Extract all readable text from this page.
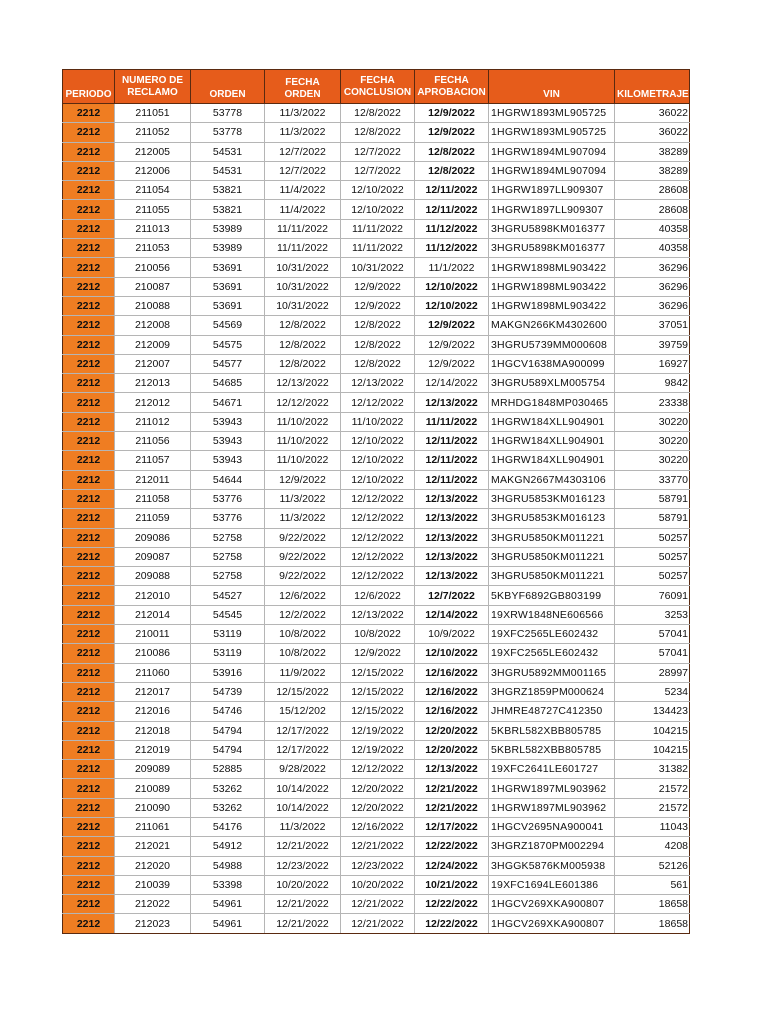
PERIODO	NUMERO DE RECLAMO	ORDEN	FECHA ORDEN	FECHA CONCLUSION	FECHA APROBACION	VIN	KILOMETRAJE
2212	211051	53778	11/3/2022	12/8/2022	12/9/2022	1HGRW1893ML905725	36022
2212	211052	53778	11/3/2022	12/8/2022	12/9/2022	1HGRW1893ML905725	36022
2212	212005	54531	12/7/2022	12/7/2022	12/8/2022	1HGRW1894ML907094	38289
2212	212006	54531	12/7/2022	12/7/2022	12/8/2022	1HGRW1894ML907094	38289
2212	211054	53821	11/4/2022	12/10/2022	12/11/2022	1HGRW1897LL909307	28608
2212	211055	53821	11/4/2022	12/10/2022	12/11/2022	1HGRW1897LL909307	28608
2212	211013	53989	11/11/2022	11/11/2022	11/12/2022	3HGRU5898KM016377	40358
2212	211053	53989	11/11/2022	11/11/2022	11/12/2022	3HGRU5898KM016377	40358
2212	210056	53691	10/31/2022	10/31/2022	11/1/2022	1HGRW1898ML903422	36296
2212	210087	53691	10/31/2022	12/9/2022	12/10/2022	1HGRW1898ML903422	36296
2212	210088	53691	10/31/2022	12/9/2022	12/10/2022	1HGRW1898ML903422	36296
2212	212008	54569	12/8/2022	12/8/2022	12/9/2022	MAKGN266KM4302600	37051
2212	212009	54575	12/8/2022	12/8/2022	12/9/2022	3HGRU5739MM000608	39759
2212	212007	54577	12/8/2022	12/8/2022	12/9/2022	1HGCV1638MA900099	16927
2212	212013	54685	12/13/2022	12/13/2022	12/14/2022	3HGRU589XLM005754	9842
2212	212012	54671	12/12/2022	12/12/2022	12/13/2022	MRHDG1848MP030465	23338
2212	211012	53943	11/10/2022	11/10/2022	11/11/2022	1HGRW184XLL904901	30220
2212	211056	53943	11/10/2022	12/10/2022	12/11/2022	1HGRW184XLL904901	30220
2212	211057	53943	11/10/2022	12/10/2022	12/11/2022	1HGRW184XLL904901	30220
2212	212011	54644	12/9/2022	12/10/2022	12/11/2022	MAKGN2667M4303106	33770
2212	211058	53776	11/3/2022	12/12/2022	12/13/2022	3HGRU5853KM016123	58791
2212	211059	53776	11/3/2022	12/12/2022	12/13/2022	3HGRU5853KM016123	58791
2212	209086	52758	9/22/2022	12/12/2022	12/13/2022	3HGRU5850KM011221	50257
2212	209087	52758	9/22/2022	12/12/2022	12/13/2022	3HGRU5850KM011221	50257
2212	209088	52758	9/22/2022	12/12/2022	12/13/2022	3HGRU5850KM011221	50257
2212	212010	54527	12/6/2022	12/6/2022	12/7/2022	5KBYF6892GB803199	76091
2212	212014	54545	12/2/2022	12/13/2022	12/14/2022	19XRW1848NE606566	3253
2212	210011	53119	10/8/2022	10/8/2022	10/9/2022	19XFC2565LE602432	57041
2212	210086	53119	10/8/2022	12/9/2022	12/10/2022	19XFC2565LE602432	57041
2212	211060	53916	11/9/2022	12/15/2022	12/16/2022	3HGRU5892MM001165	28997
2212	212017	54739	12/15/2022	12/15/2022	12/16/2022	3HGRZ1859PM000624	5234
2212	212016	54746	15/12/202	12/15/2022	12/16/2022	JHMRE48727C412350	134423
2212	212018	54794	12/17/2022	12/19/2022	12/20/2022	5KBRL582XBB805785	104215
2212	212019	54794	12/17/2022	12/19/2022	12/20/2022	5KBRL582XBB805785	104215
2212	209089	52885	9/28/2022	12/12/2022	12/13/2022	19XFC2641LE601727	31382
2212	210089	53262	10/14/2022	12/20/2022	12/21/2022	1HGRW1897ML903962	21572
2212	210090	53262	10/14/2022	12/20/2022	12/21/2022	1HGRW1897ML903962	21572
2212	211061	54176	11/3/2022	12/16/2022	12/17/2022	1HGCV2695NA900041	11043
2212	212021	54912	12/21/2022	12/21/2022	12/22/2022	3HGRZ1870PM002294	4208
2212	212020	54988	12/23/2022	12/23/2022	12/24/2022	3HGGK5876KM005938	52126
2212	210039	53398	10/20/2022	10/20/2022	10/21/2022	19XFC1694LE601386	561
2212	212022	54961	12/21/2022	12/21/2022	12/22/2022	1HGCV269XKA900807	18658
2212	212023	54961	12/21/2022	12/21/2022	12/22/2022	1HGCV269XKA900807	18658
